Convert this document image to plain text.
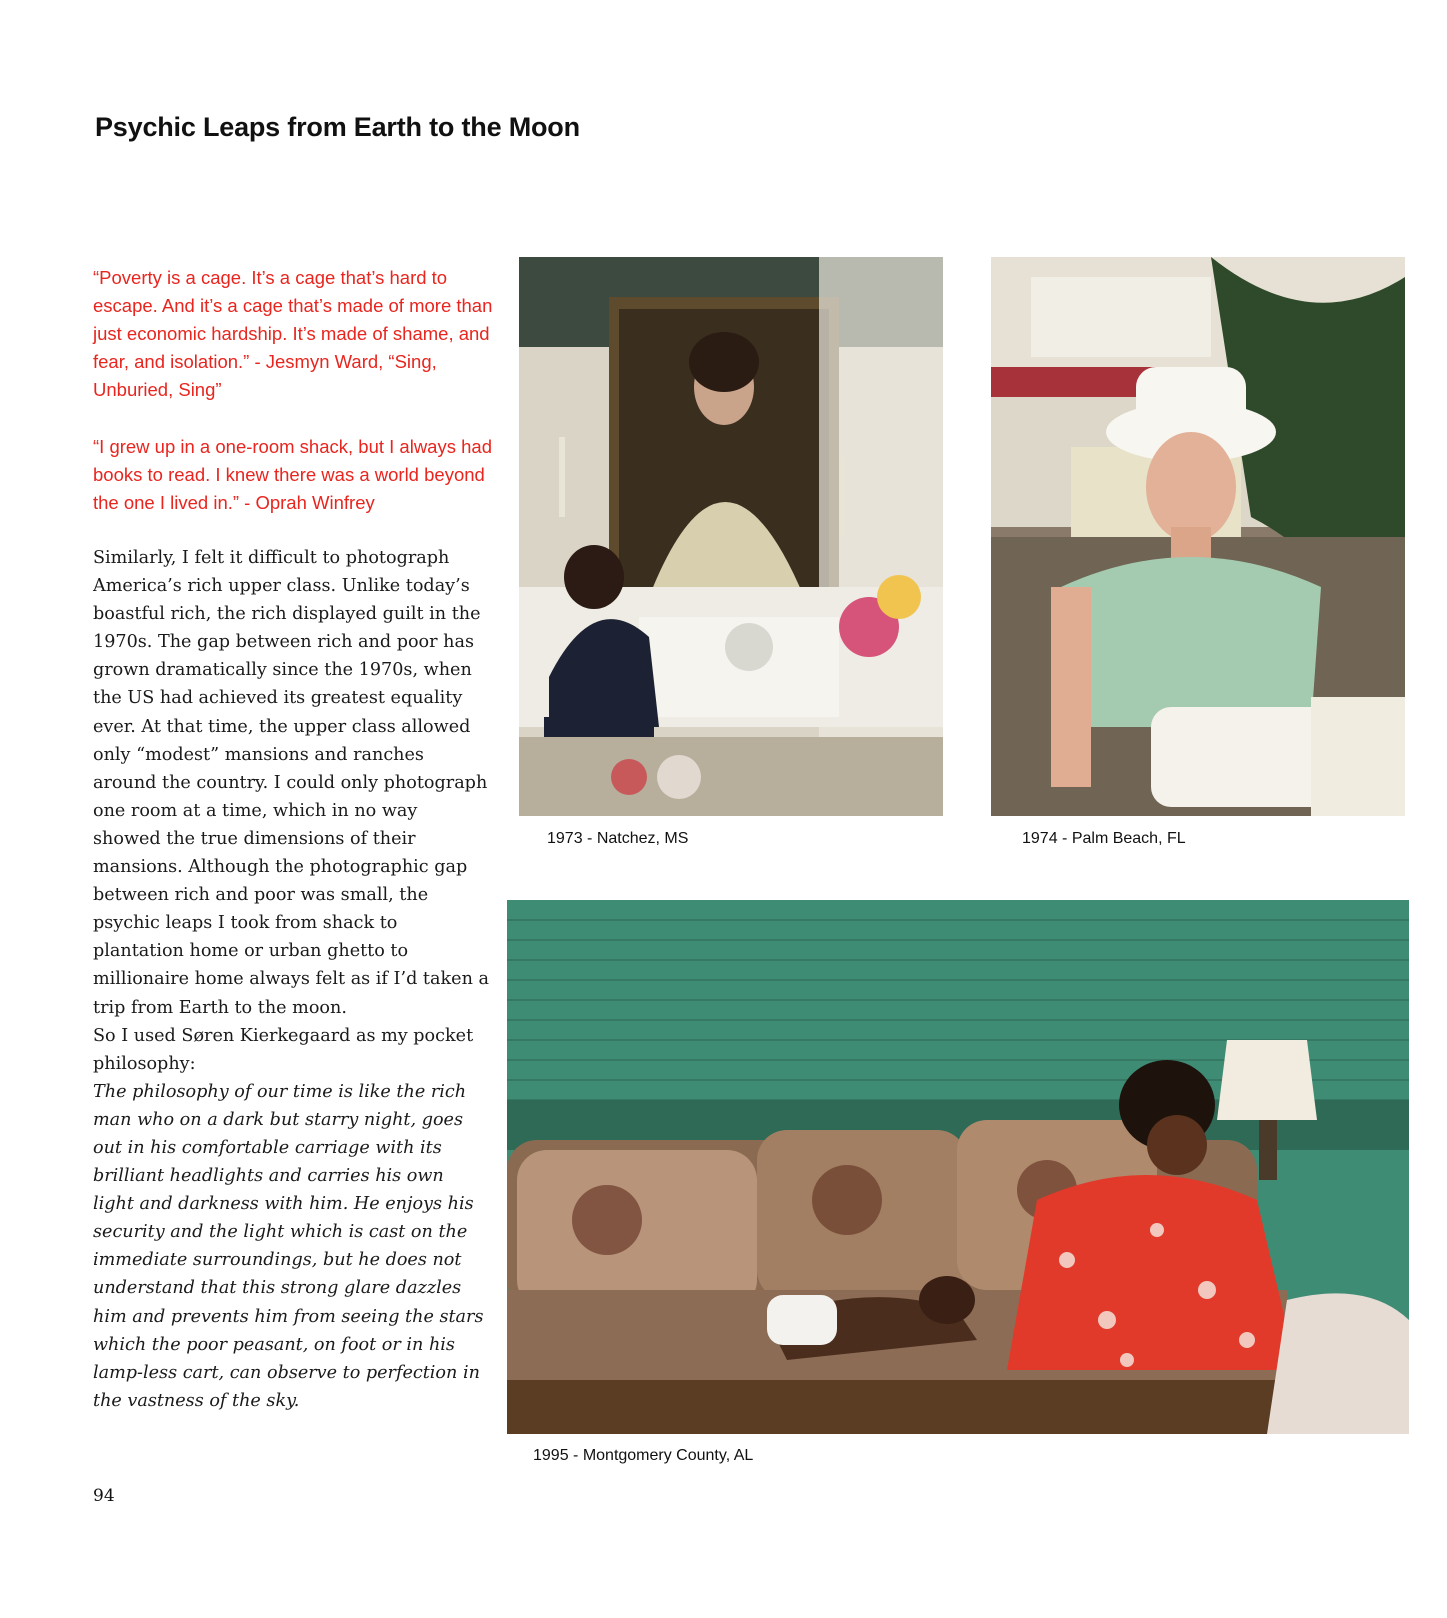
Psychic Leaps from Earth to the Moon

“Poverty is a cage. It’s a cage that’s hard to escape. And it’s a cage that’s made of more than just economic hardship. It’s made of shame, and fear, and isolation.” - Jesmyn Ward, “Sing, Unburied, Sing”

“I grew up in a one-room shack, but I always had books to read. I knew there was a world beyond the one I lived in.” - Oprah Winfrey

Similarly, I felt it difficult to photograph America’s rich upper class. Unlike today’s boastful rich, the rich displayed guilt in the 1970s. The gap between rich and poor has grown dramatically since the 1970s, when the US had achieved its greatest equality ever. At that time, the upper class allowed only “modest” mansions and ranches around the country. I could only photograph one room at a time, which in no way showed the true dimensions of their mansions. Although the photographic gap between rich and poor was small, the psychic leaps I took from shack to plantation home or urban ghetto to millionaire home always felt as if I’d taken a trip from Earth to the moon.

So I used Søren Kierkegaard as my pocket philosophy:

The philosophy of our time is like the rich man who on a dark but starry night, goes out in his comfortable carriage with its brilliant headlights and carries his own light and darkness with him. He enjoys his security and the light which is cast on the immediate surroundings, but he does not understand that this strong glare dazzles him and prevents him from seeing the stars which the poor peasant, on foot or in his lamp-less cart, can observe to perfection in the vastness of the sky.

1973 - Natchez, MS	1974 - Palm Beach, FL

1995 - Montgomery County, AL

94
